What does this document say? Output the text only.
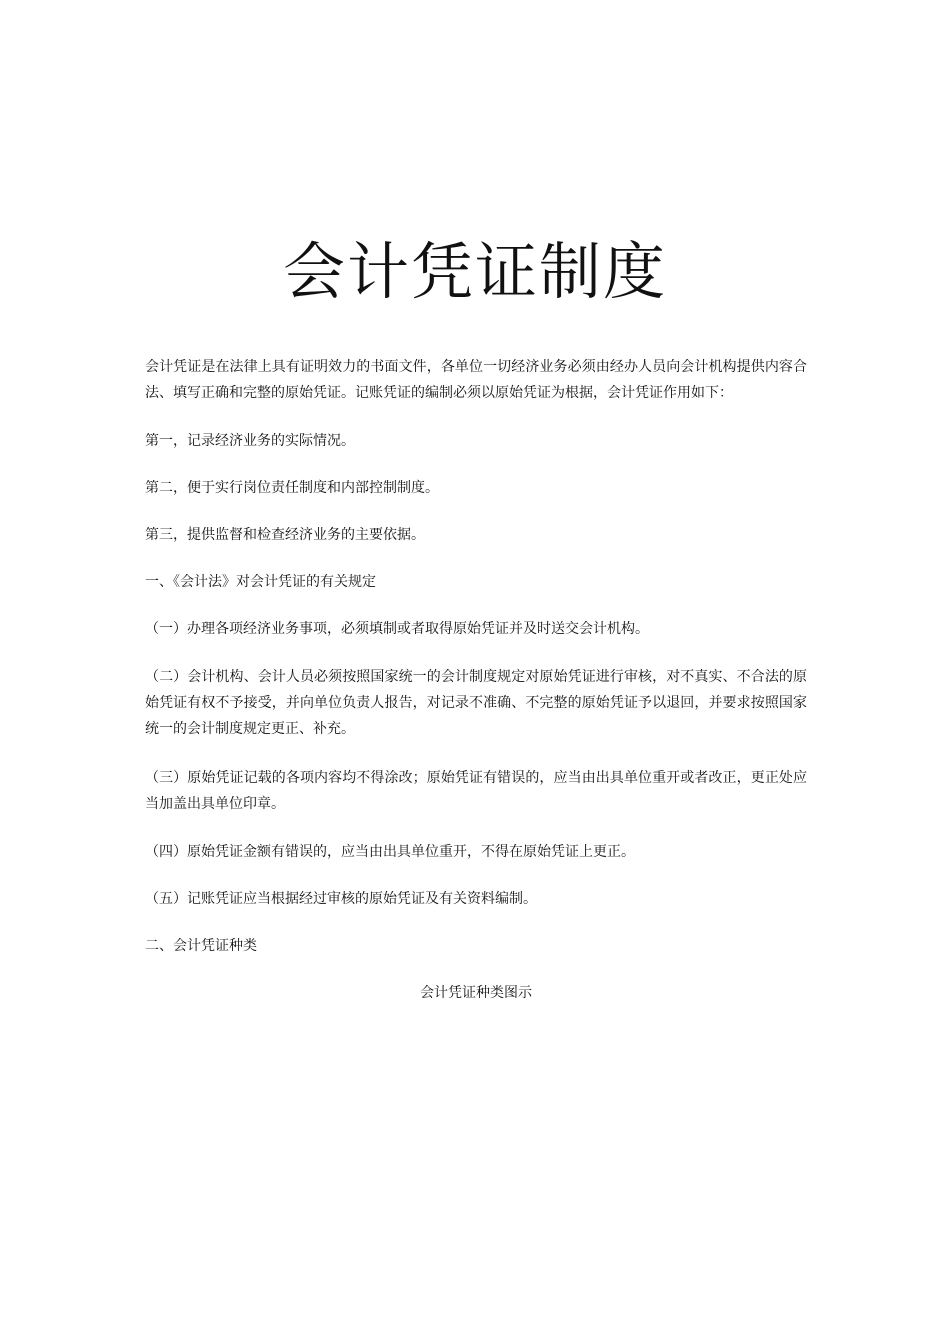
会计凭证制度

会计凭证是在法律上具有证明效力的书面文件，各单位一切经济业务必须由经办人员向会计机构提供内容合法、填写正确和完整的原始凭证。记账凭证的编制必须以原始凭证为根据，会计凭证作用如下：

第一，记录经济业务的实际情况。

第二，便于实行岗位责任制度和内部控制制度。

第三，提供监督和检查经济业务的主要依据。

一、《会计法》对会计凭证的有关规定

（一）办理各项经济业务事项，必须填制或者取得原始凭证并及时送交会计机构。

（二）会计机构、会计人员必须按照国家统一的会计制度规定对原始凭证进行审核，对不真实、不合法的原始凭证有权不予接受，并向单位负责人报告，对记录不准确、不完整的原始凭证予以退回，并要求按照国家统一的会计制度规定更正、补充。

（三）原始凭证记载的各项内容均不得涂改；原始凭证有错误的，应当由出具单位重开或者改正，更正处应当加盖出具单位印章。

（四）原始凭证金额有错误的，应当由出具单位重开，不得在原始凭证上更正。

（五）记账凭证应当根据经过审核的原始凭证及有关资料编制。

二、会计凭证种类

会计凭证种类图示
